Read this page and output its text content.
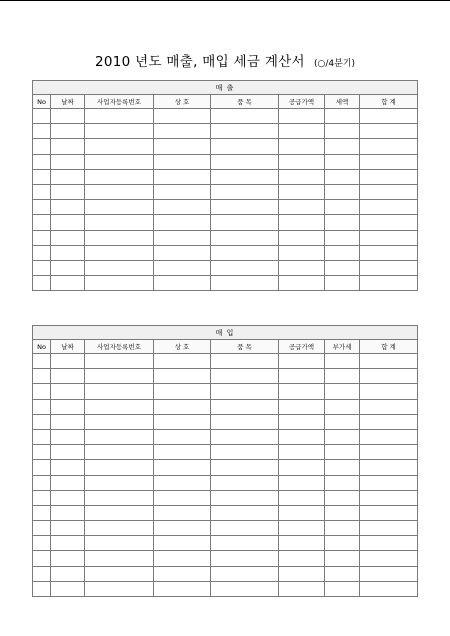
2010 년도 매출, 매입 세금 계산서 (○/4분기)
매 출							
No	날짜	사업자등록번호	상 호	품 목	공급가액	세액	합 계

매 입							
No	날짜	사업자등록번호	상 호	품 목	공급가액	부가세	합 계
